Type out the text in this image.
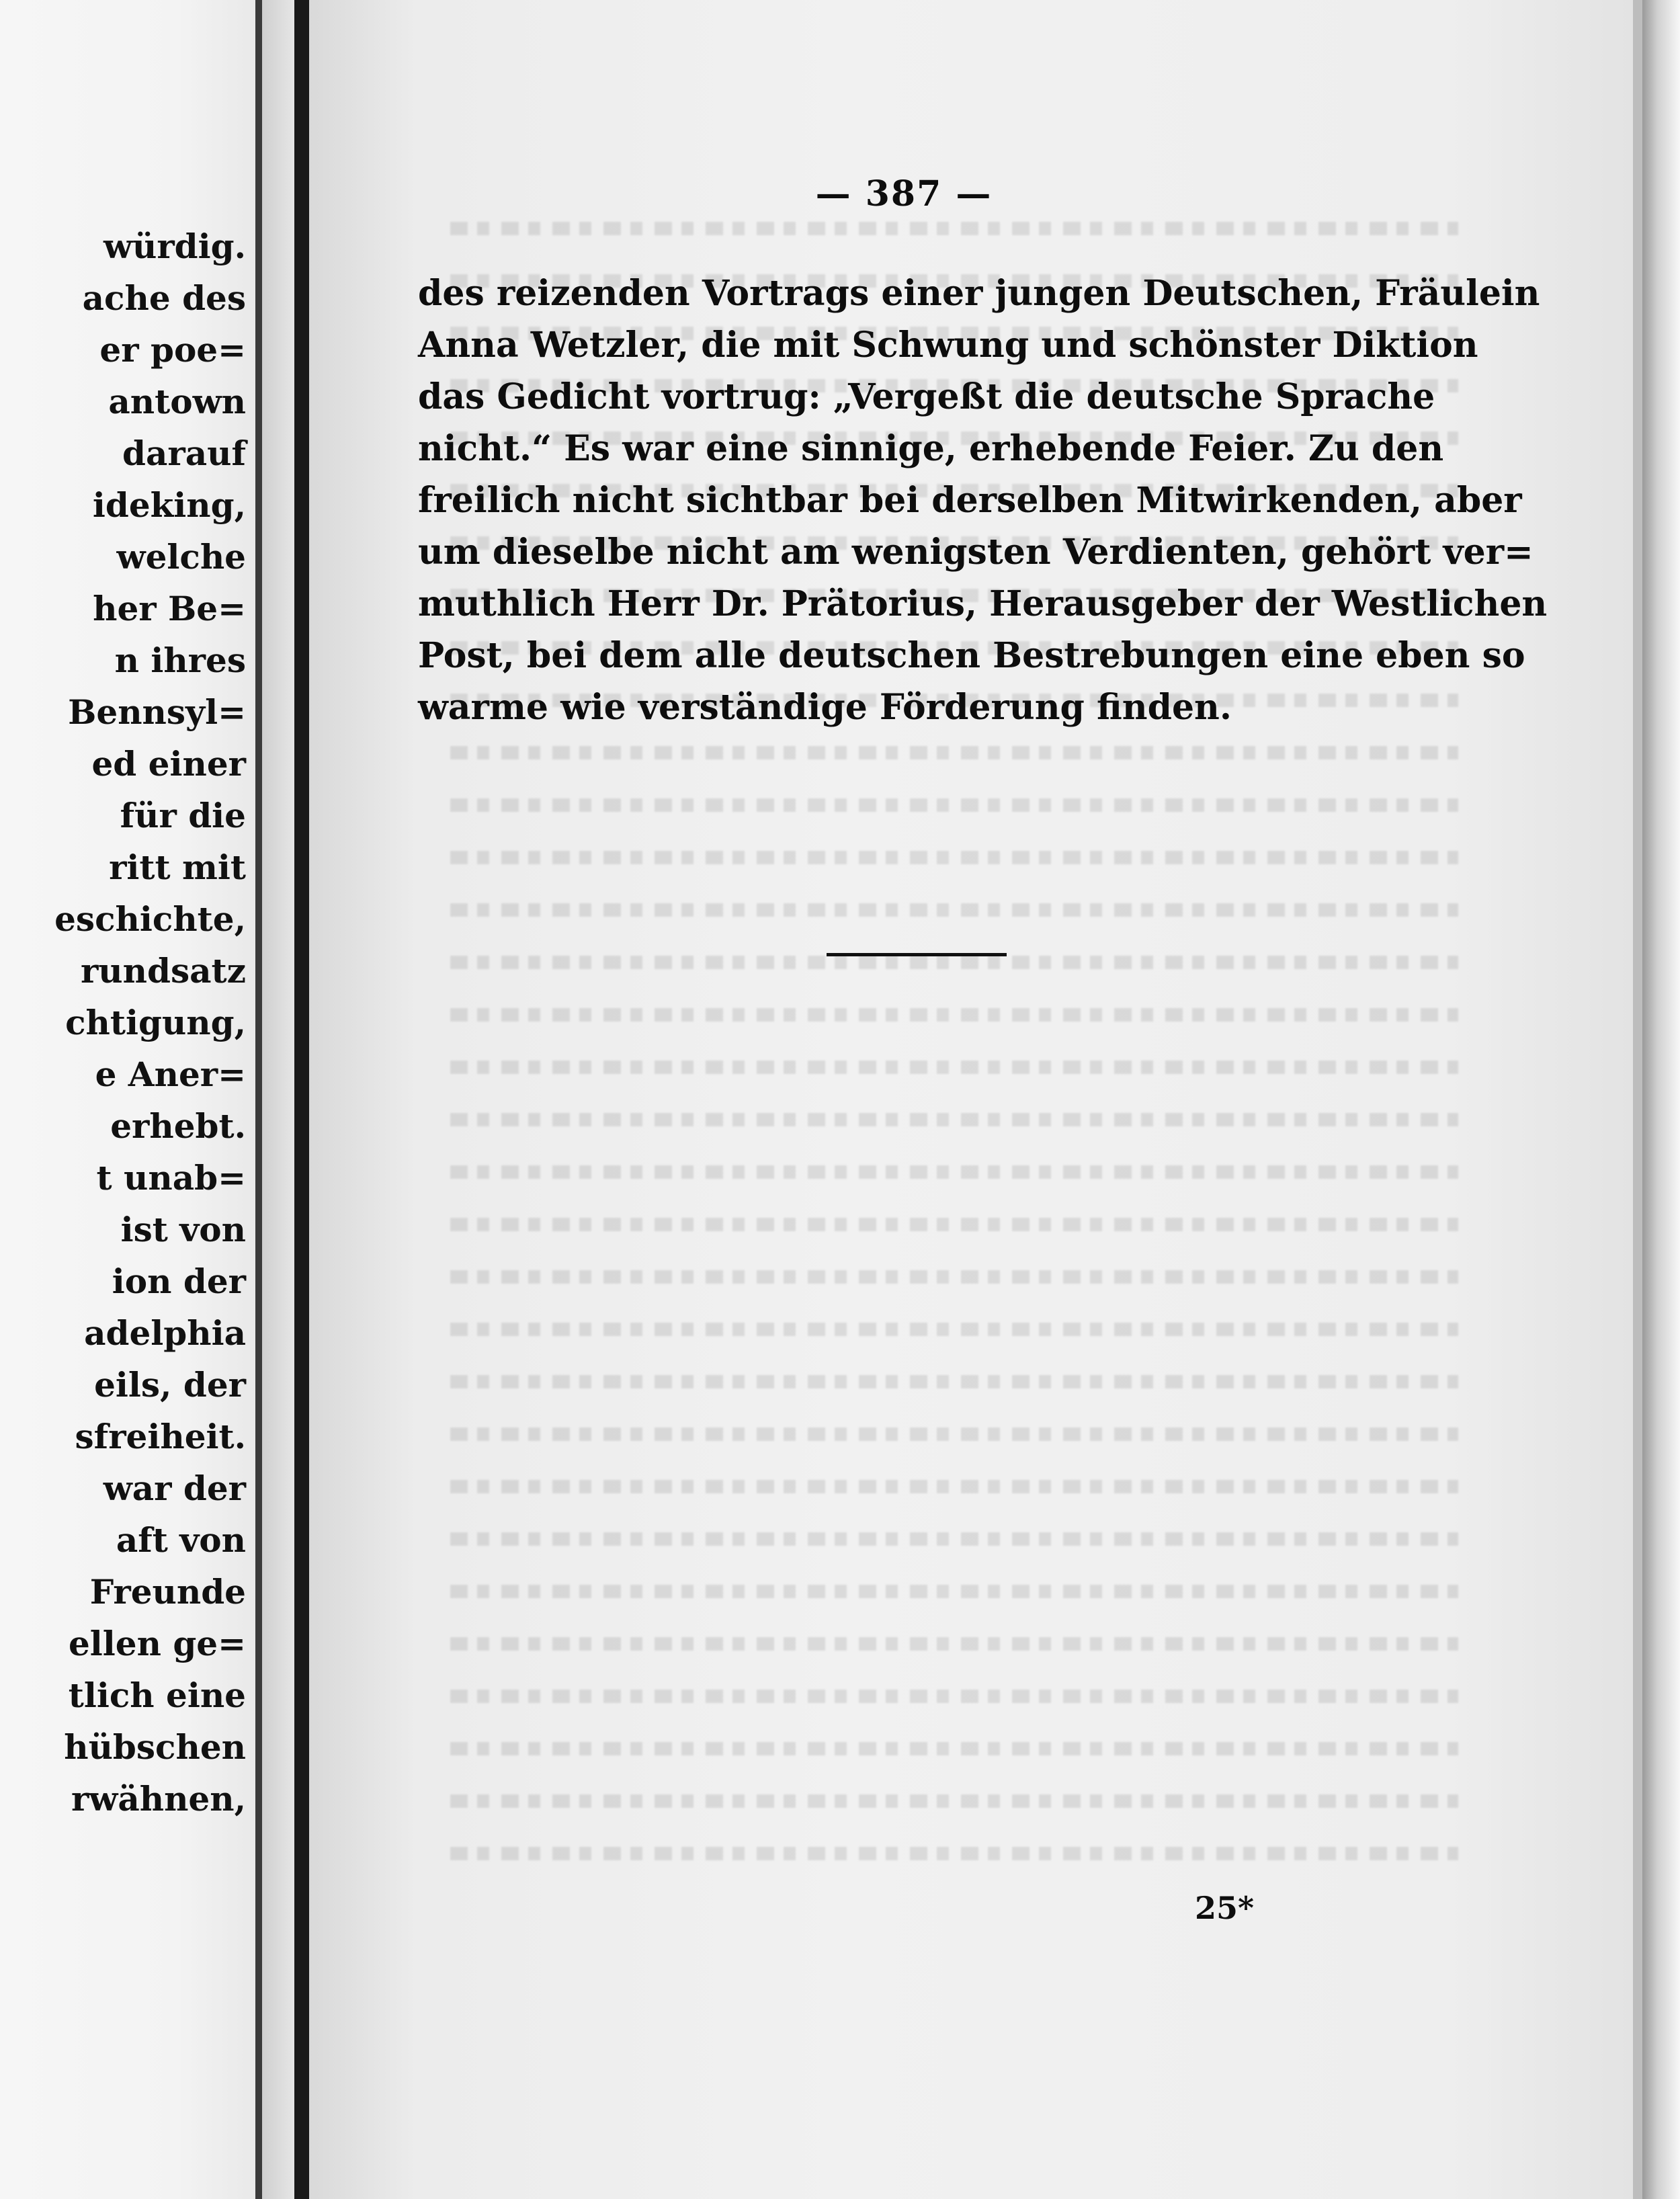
würdig.
ache des
er poe=
antown
darauf
ideking,
welche
her Be=
n ihres
Bennsyl=
ed einer
für die
ritt mit
eschichte,
rundsatz
chtigung,
e Aner=
erhebt.
t unab=
ist von
ion der
adelphia
eils, der
sfreiheit.
war der
aft von
Freunde
ellen ge=
tlich eine
hübschen
rwähnen,
— 387 —
des reizenden Vortrags einer jungen Deutschen, Fräulein
Anna Wetzler, die mit Schwung und schönster Diktion
das Gedicht vortrug: „Vergeßt die deutsche Sprache
nicht.“ Es war eine sinnige, erhebende Feier. Zu den
freilich nicht sichtbar bei derselben Mitwirkenden, aber
um dieselbe nicht am wenigsten Verdienten, gehört ver=
muthlich Herr Dr. Prätorius, Herausgeber der Westlichen
Post, bei dem alle deutschen Bestrebungen eine eben so
warme wie verständige Förderung finden.
25*
